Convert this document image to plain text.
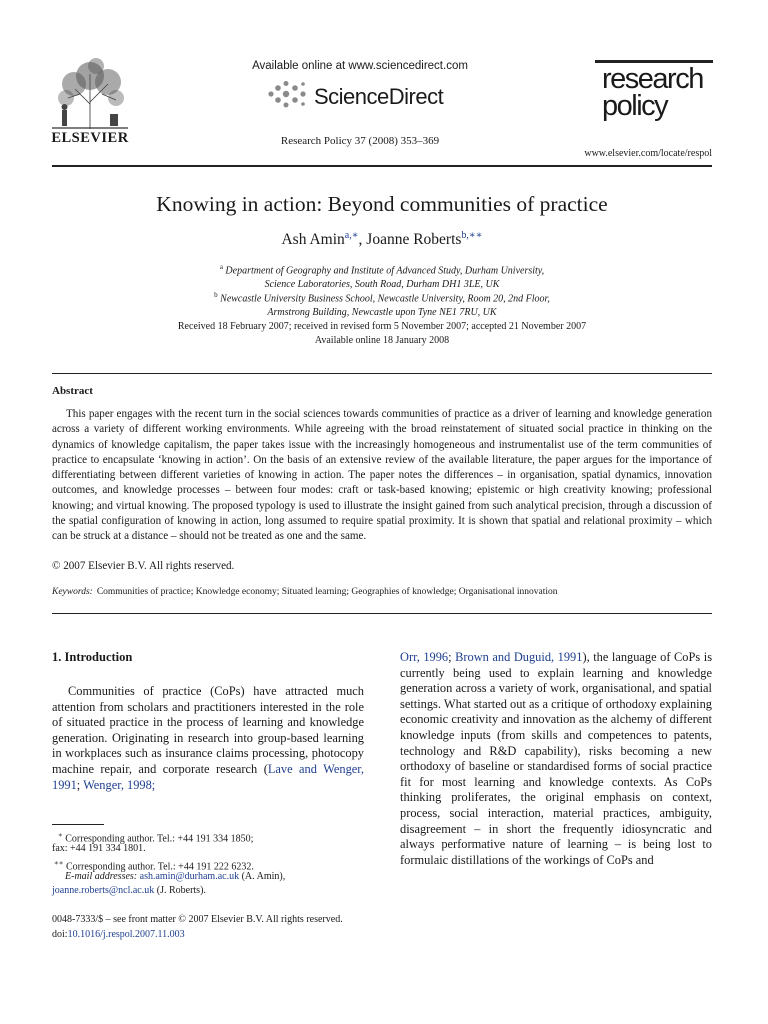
ELSEVIER
Available online at www.sciencedirect.com
ScienceDirect
Research Policy 37 (2008) 353–369
research
policy
www.elsevier.com/locate/respol
Knowing in action: Beyond communities of practice
Ash Amin$^{a,∗}$, Joanne Roberts$^{b,∗∗}$
$^a$ Department of Geography and Institute of Advanced Study, Durham University,
Science Laboratories, South Road, Durham DH1 3LE, UK
$^b$ Newcastle University Business School, Newcastle University, Room 20, 2nd Floor,
Armstrong Building, Newcastle upon Tyne NE1 7RU, UK
Received 18 February 2007; received in revised form 5 November 2007; accepted 21 November 2007
Available online 18 January 2008
Abstract
This paper engages with the recent turn in the social sciences towards communities of practice as a driver of learning and knowledge generation across a variety of different working environments. While agreeing with the broad reinstatement of situated social practice in thinking on the dynamics of knowledge capitalism, the paper takes issue with the increasingly homogeneous and instrumentalist use of the term communities of practice to encapsulate ‘knowing in action’. On the basis of an extensive review of the available literature, the paper argues for the importance of differentiating between different varieties of knowing in action. The paper notes the differences – in organisation, spatial dynamics, innovation outcomes, and knowledge processes – between four modes: craft or task-based knowing; epistemic or high creativity knowing; professional knowing; and virtual knowing. The proposed typology is used to illustrate the insight gained from such analytical precision, through a discussion of the spatial configuration of knowing in action, long assumed to require spatial proximity. It is shown that spatial and relational proximity – which can be struck at a distance – should not be treated as one and the same.
© 2007 Elsevier B.V. All rights reserved.
Keywords: Communities of practice; Knowledge economy; Situated learning; Geographies of knowledge; Organisational innovation
1. Introduction
Communities of practice (CoPs) have attracted much attention from scholars and practitioners interested in the role of situated practice in the process of learning and knowledge generation. Originating in research into group-based learning in workplaces such as insurance claims processing, photocopy machine repair, and corporate research (Lave and Wenger, 1991; Wenger, 1998;
Orr, 1996; Brown and Duguid, 1991), the language of CoPs is currently being used to explain learning and knowledge generation across a variety of work, organisational, and spatial settings. What started out as a critique of orthodoxy explaining economic creativity and innovation as the alchemy of different knowledge inputs (from skills and competences to patents, technology and R&D capability), risks becoming a new orthodoxy of baseline or standardised forms of social practice fit for most learning and knowledge contexts. As CoPs thinking proliferates, the original emphasis on context, process, social interaction, material practices, ambiguity, disagreement – in short the frequently idiosyncratic and always performative nature of learning – is being lost to formulaic distillations of the workings of CoPs and
∗ Corresponding author. Tel.: +44 191 334 1850;
fax: +44 191 334 1801.
∗∗ Corresponding author. Tel.: +44 191 222 6232.
E-mail addresses: ash.amin@durham.ac.uk (A. Amin),
joanne.roberts@ncl.ac.uk (J. Roberts).
0048-7333/$ – see front matter © 2007 Elsevier B.V. All rights reserved.
doi:10.1016/j.respol.2007.11.003
